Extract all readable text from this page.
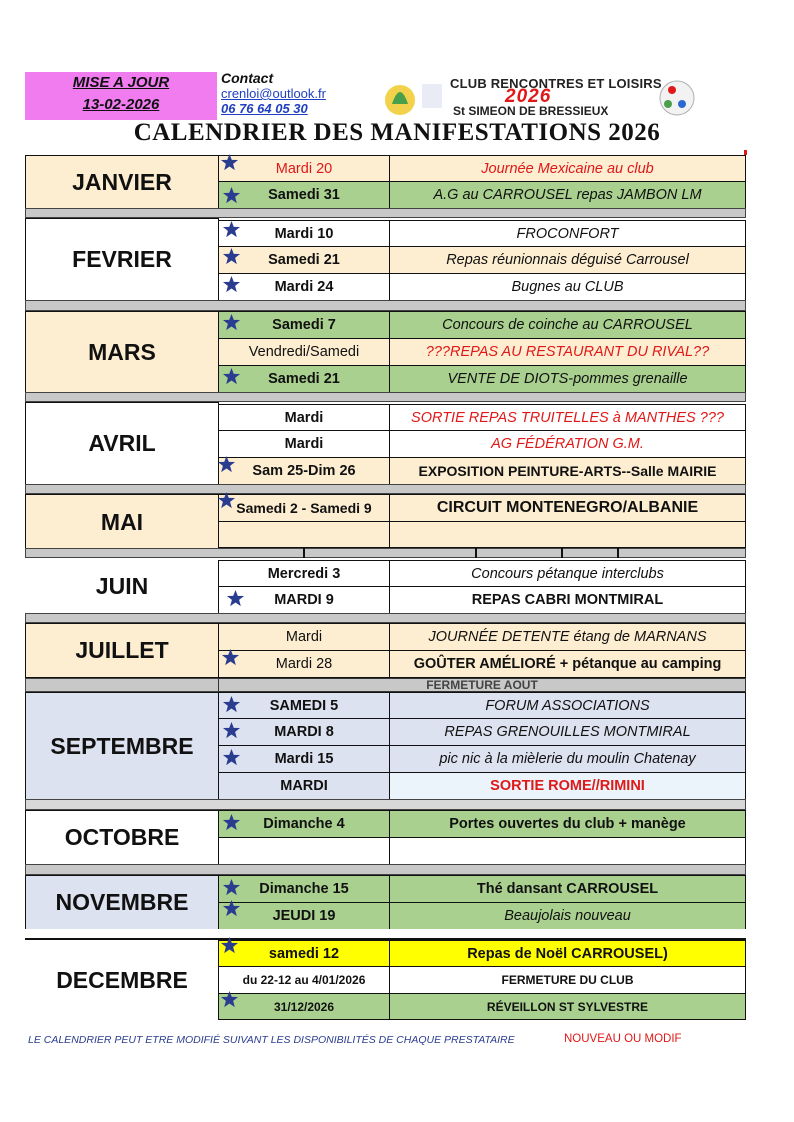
MISE A JOUR
13-02-2026
Contact
crenloi@outlook.fr
06 76 64 05 30
CLUB RENCONTRES ET LOISIRS
2026
St SIMEON DE BRESSIEUX
CALENDRIER DES MANIFESTATIONS 2026
JANVIER	Mardi 20	Journée Mexicaine au club
Samedi 31	A.G au CARROUSEL repas JAMBON LM
FEVRIER
Mardi 10	FROCONFORT
Samedi 21	Repas réunionnais déguisé Carrousel
Mardi 24	Bugnes au CLUB
MARS
Samedi 7	Concours de coinche au CARROUSEL
Vendredi/Samedi	???REPAS AU RESTAURANT DU RIVAL??
Samedi 21	VENTE DE DIOTS-pommes grenaille
AVRIL
Mardi	SORTIE REPAS TRUITELLES à MANTHES ???
Mardi	AG FÉDÉRATION G.M.
Sam 25-Dim 26	EXPOSITION PEINTURE-ARTS--Salle MAIRIE
MAI
Samedi 2 - Samedi 9	CIRCUIT MONTENEGRO/ALBANIE
JUIN	Mercredi 3	Concours pétanque interclubs
MARDI 9	REPAS CABRI MONTMIRAL
JUILLET	Mardi	JOURNÉE DETENTE étang de MARNANS
Mardi 28	GOÛTER AMÉLIORÉ + pétanque au camping
FERMETURE AOUT
SEPTEMBRE
SAMEDI 5	FORUM ASSOCIATIONS
MARDI 8	REPAS GRENOUILLES MONTMIRAL
Mardi 15	pic nic à la mièlerie du moulin Chatenay
MARDI	SORTIE ROME//RIMINI
OCTOBRE	Dimanche 4	Portes ouvertes du club + manège
NOVEMBRE	Dimanche 15	Thé dansant CARROUSEL
JEUDI 19	Beaujolais nouveau
DECEMBRE
samedi 12	Repas de Noël CARROUSEL)
du 22-12 au 4/01/2026	FERMETURE DU CLUB
31/12/2026	RÉVEILLON ST SYLVESTRE
LE CALENDRIER PEUT ETRE MODIFIÉ SUIVANT LES DISPONIBILITÉS DE CHAQUE PRESTATAIRE	NOUVEAU OU MODIF
